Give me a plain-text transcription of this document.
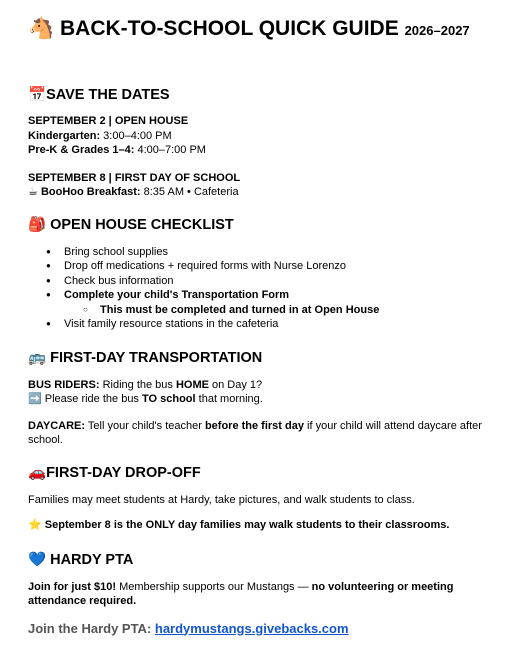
🐴 BACK-TO-SCHOOL QUICK GUIDE 2026–2027
📅SAVE THE DATES

SEPTEMBER 2 | OPEN HOUSE

Kindergarten: 3:00–4:00 PM

Pre-K & Grades 1–4: 4:00–7:00 PM

SEPTEMBER 8 | FIRST DAY OF SCHOOL

☕ BooHoo Breakfast: 8:35 AM • Cafeteria

🎒 OPEN HOUSE CHECKLIST
● Bring school supplies
● Drop off medications + required forms with Nurse Lorenzo
● Check bus information
● Complete your child's Transportation Form
○ This must be completed and turned in at Open House
● Visit family resource stations in the cafeteria
🚌 FIRST-DAY TRANSPORTATION

BUS RIDERS: Riding the bus HOME on Day 1?

➡️ Please ride the bus TO school that morning.

DAYCARE: Tell your child's teacher before the first day if your child will attend daycare after school.

🚗FIRST-DAY DROP-OFF

Families may meet students at Hardy, take pictures, and walk students to class.

⭐ September 8 is the ONLY day families may walk students to their classrooms.

💙 HARDY PTA

Join for just $10! Membership supports our Mustangs — no volunteering or meeting attendance required.

Join the Hardy PTA: hardymustangs.givebacks.com
